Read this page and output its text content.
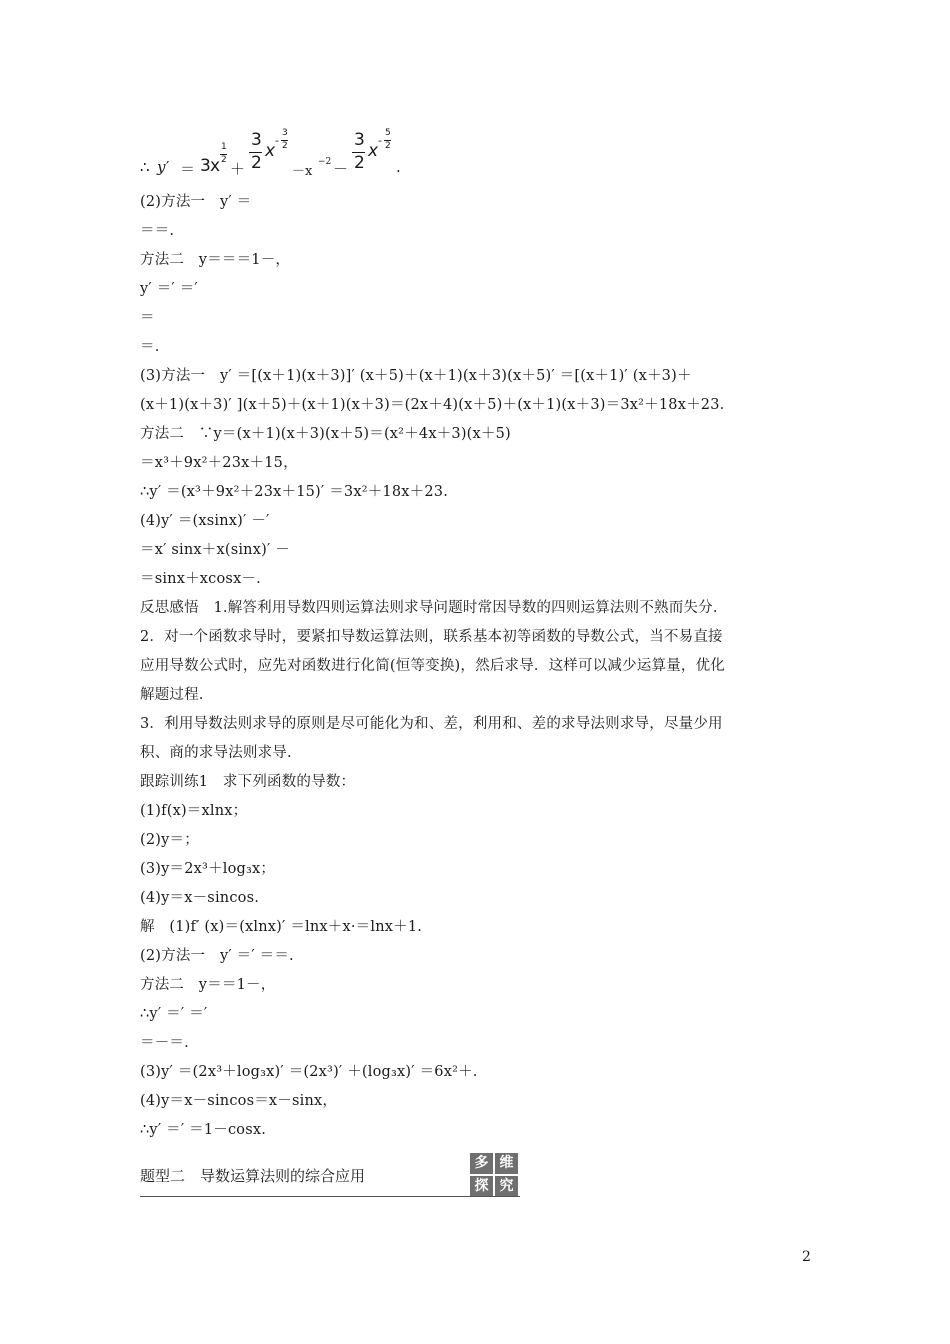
∴ y ′ ＝ 3 x
1
2 ＋
3
2
x
-
3
2
－x
−2 －
3
2
x
-
5
2
.
(2)方法一　y′ ＝
＝＝.
方法二　y＝＝＝1－，
y′ ＝′ ＝′
＝
＝.
(3)方法一　y′ ＝[(x＋1)(x＋3)]′ (x＋5)＋(x＋1)(x＋3)(x＋5)′ ＝[(x＋1)′ (x＋3)＋
(x＋1)(x＋3)′ ](x＋5)＋(x＋1)(x＋3)＝(2x＋4)(x＋5)＋(x＋1)(x＋3)＝3x²＋18x＋23.
方法二　∵y＝(x＋1)(x＋3)(x＋5)＝(x²＋4x＋3)(x＋5)
＝x³＋9x²＋23x＋15，
∴y′ ＝(x³＋9x²＋23x＋15)′ ＝3x²＋18x＋23.
(4)y′ ＝(xsinx)′ －′
＝x′ sinx＋x(sinx)′ －
＝sinx＋xcosx－.
反思感悟　1.解答利用导数四则运算法则求导问题时常因导数的四则运算法则不熟而失分.
2．对一个函数求导时，要紧扣导数运算法则，联系基本初等函数的导数公式，当不易直接
应用导数公式时，应先对函数进行化简(恒等变换)，然后求导．这样可以减少运算量，优化
解题过程.
3．利用导数法则求导的原则是尽可能化为和、差，利用和、差的求导法则求导，尽量少用
积、商的求导法则求导.
跟踪训练1　求下列函数的导数：
(1)f(x)＝xlnx；
(2)y＝；
(3)y＝2x³＋log₃x；
(4)y＝x－sincos.
解　(1)f′ (x)＝(xlnx)′ ＝lnx＋x·＝lnx＋1.
(2)方法一　y′ ＝′ ＝＝.
方法二　y＝＝1－，
∴y′ ＝′ ＝′
＝－＝.
(3)y′ ＝(2x³＋log₃x)′ ＝(2x³)′ ＋(log₃x)′ ＝6x²＋.
(4)y＝x－sincos＝x－sinx，
∴y′ ＝′ ＝1－cosx.
题型二　导数运算法则的综合应用
多 维
探 究
2
